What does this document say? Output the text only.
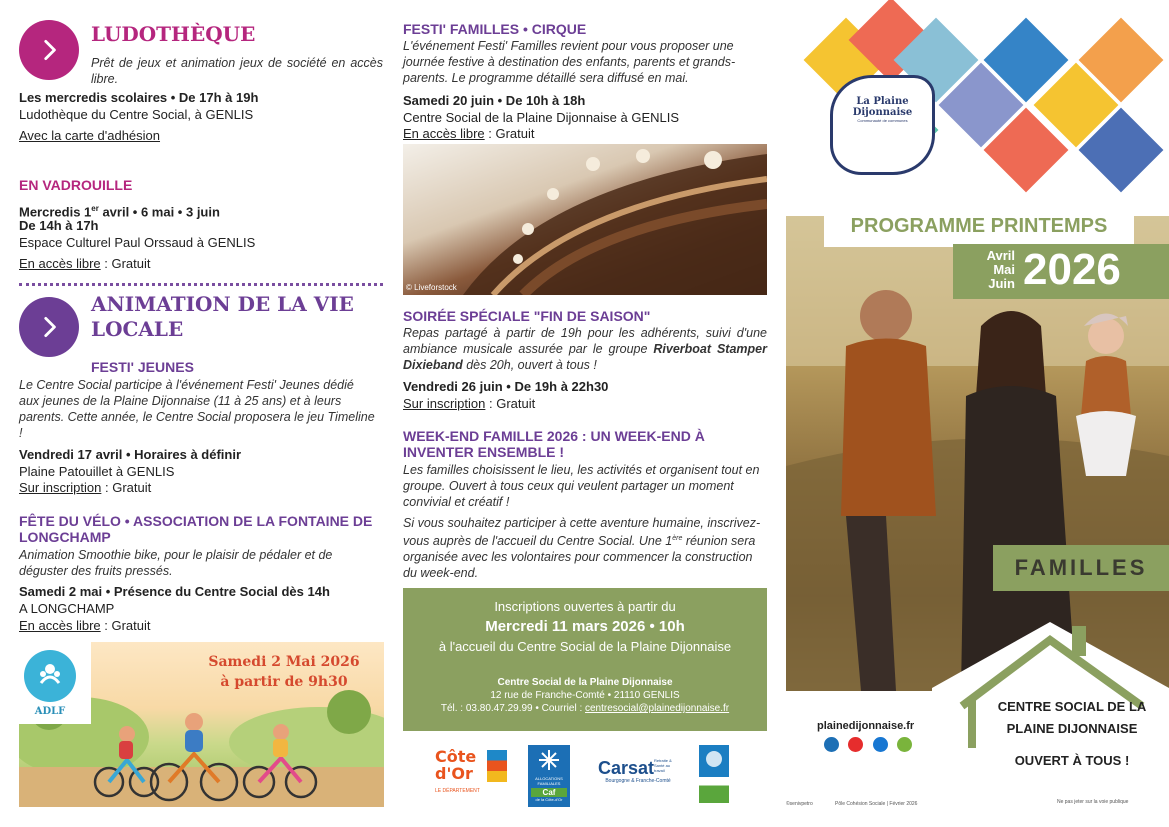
LUDOTHÈQUE
Prêt de jeux et animation jeux de société en accès libre.
Les mercredis scolaires • De 17h à 19h
Ludothèque du Centre Social, à GENLIS
Avec la carte d'adhésion
EN VADROUILLE
Mercredis 1er avril • 6 mai • 3 juin
De 14h à 17h
Espace Culturel Paul Orssaud à GENLIS
En accès libre : Gratuit
ANIMATION DE LA VIE
LOCALE
FESTI' JEUNES
Le Centre Social participe à l'événement Festi' Jeunes dédié aux jeunes de la Plaine Dijonnaise (11 à 25 ans) et à leurs parents. Cette année, le Centre Social proposera le jeu Timeline !
Vendredi 17 avril • Horaires à définir
Plaine Patouillet à GENLIS
Sur inscription : Gratuit
FÊTE DU VÉLO • ASSOCIATION DE LA FONTAINE DE LONGCHAMP
Animation Smoothie bike, pour le plaisir de pédaler et de déguster des fruits pressés.
Samedi 2 mai • Présence du Centre Social dès 14h
A LONGCHAMP
En accès libre : Gratuit
Samedi 2 Mai 2026
à partir de 9h30
ADLF
FESTI' FAMILLES • CIRQUE
L'événement Festi' Familles revient pour vous proposer une journée festive à destination des enfants, parents et grands-parents. Le programme détaillé sera diffusé en mai.
Samedi 20 juin • De 10h à 18h
Centre Social de la Plaine Dijonnaise à GENLIS
En accès libre : Gratuit
© Liveforstock
SOIRÉE SPÉCIALE "FIN DE SAISON"
Repas partagé à partir de 19h pour les adhérents, suivi d'une ambiance musicale assurée par le groupe Riverboat Stamper Dixieband dès 20h, ouvert à tous !
Vendredi 26 juin • De 19h à 22h30
Sur inscription : Gratuit
WEEK-END FAMILLE 2026 : UN WEEK-END À INVENTER ENSEMBLE !
Les familles choisissent le lieu, les activités et organisent tout en groupe. Ouvert à tous ceux qui veulent partager un moment convivial et créatif !
Si vous souhaitez participer à cette aventure humaine, inscrivez-vous auprès de l'accueil du Centre Social. Une 1ère réunion sera organisée avec les volontaires pour commencer la construction du week-end.
Inscriptions ouvertes à partir du
Mercredi 11 mars 2026 • 10h
à l'accueil du Centre Social de la Plaine Dijonnaise
Centre Social de la Plaine Dijonnaise
12 rue de Franche-Comté • 21110 GENLIS
Tél. : 03.80.47.29.99 • Courriel : centresocial@plainedijonnaise.fr
Côte
d'Or
LE DÉPARTEMENT
ALLOCATIONS FAMILIALES
Caf
de la Côte-d'Or
Carsat
Bourgogne & Franche-Comté
Retraite & Santé au travail
La Plaine
Dijonnaise
Communauté de communes
PROGRAMME PRINTEMPS
Avril
Mai
Juin 2026
FAMILLES
CENTRE SOCIAL DE LA
PLAINE DIJONNAISE
OUVERT À TOUS !
plainedijonnaise.fr

©senivpetro	Pôle Cohésion Sociale | Février 2026	Ne pas jeter sur la voie publique
